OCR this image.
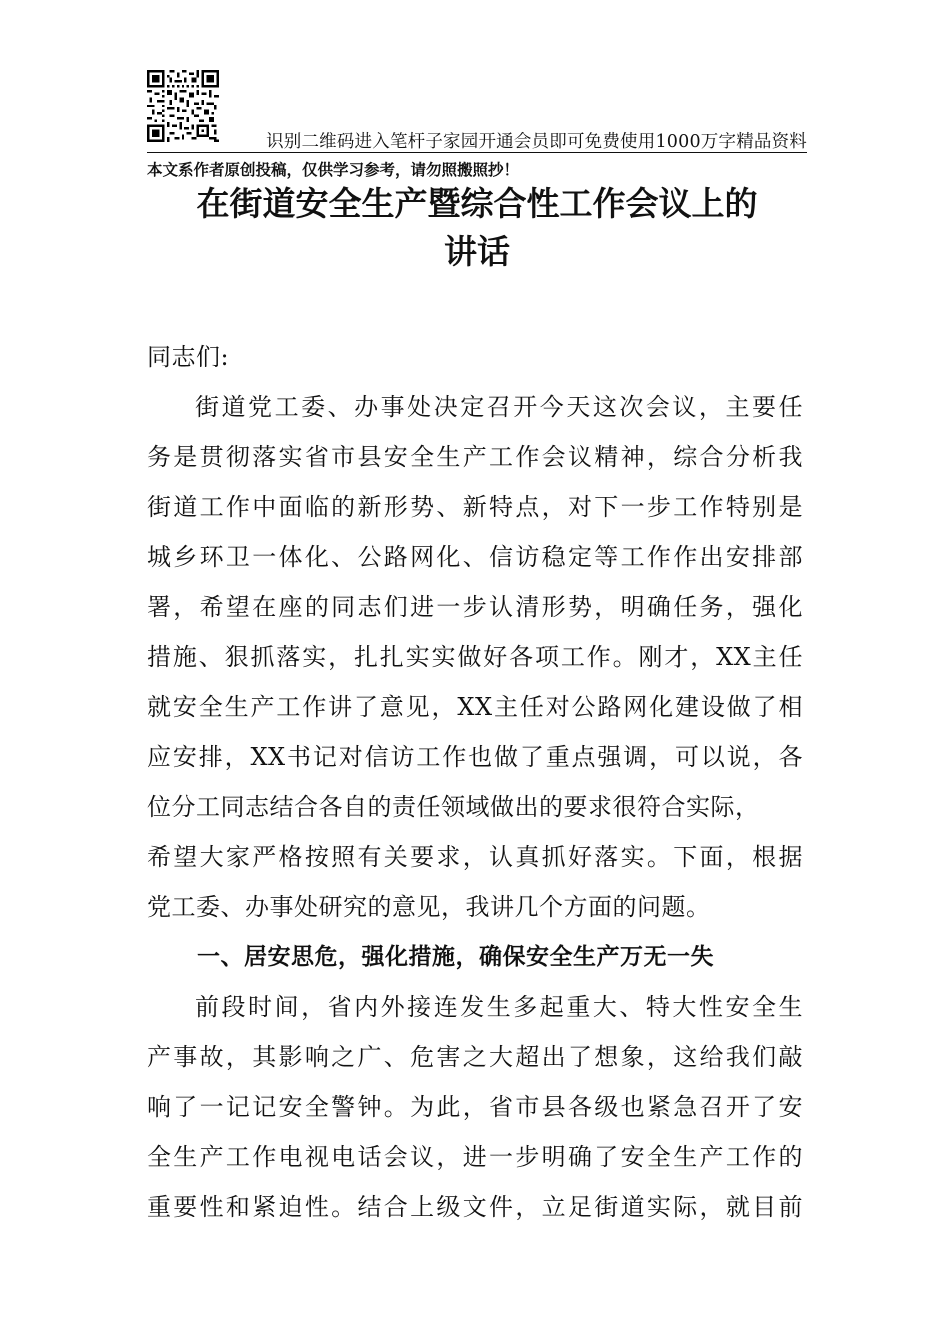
识别二维码进入笔杆子家园开通会员即可免费使用1000万字精品资料
本文系作者原创投稿，仅供学习参考，请勿照搬照抄！
在街道安全生产暨综合性工作会议上的
讲话
同志们:
街道党工委、办事处决定召开今天这次会议，主要任
务是贯彻落实省市县安全生产工作会议精神，综合分析我
街道工作中面临的新形势、新特点，对下一步工作特别是
城乡环卫一体化、公路网化、信访稳定等工作作出安排部
署，希望在座的同志们进一步认清形势，明确任务，强化
措施、狠抓落实，扎扎实实做好各项工作。刚才，XX主任
就安全生产工作讲了意见，XX主任对公路网化建设做了相
应安排，XX书记对信访工作也做了重点强调，可以说，各
位分工同志结合各自的责任领域做出的要求很符合实际，
希望大家严格按照有关要求，认真抓好落实。下面，根据
党工委、办事处研究的意见，我讲几个方面的问题。
一、居安思危，强化措施，确保安全生产万无一失
前段时间，省内外接连发生多起重大、特大性安全生
产事故，其影响之广、危害之大超出了想象，这给我们敲
响了一记记安全警钟。为此，省市县各级也紧急召开了安
全生产工作电视电话会议，进一步明确了安全生产工作的
重要性和紧迫性。结合上级文件，立足街道实际，就目前
